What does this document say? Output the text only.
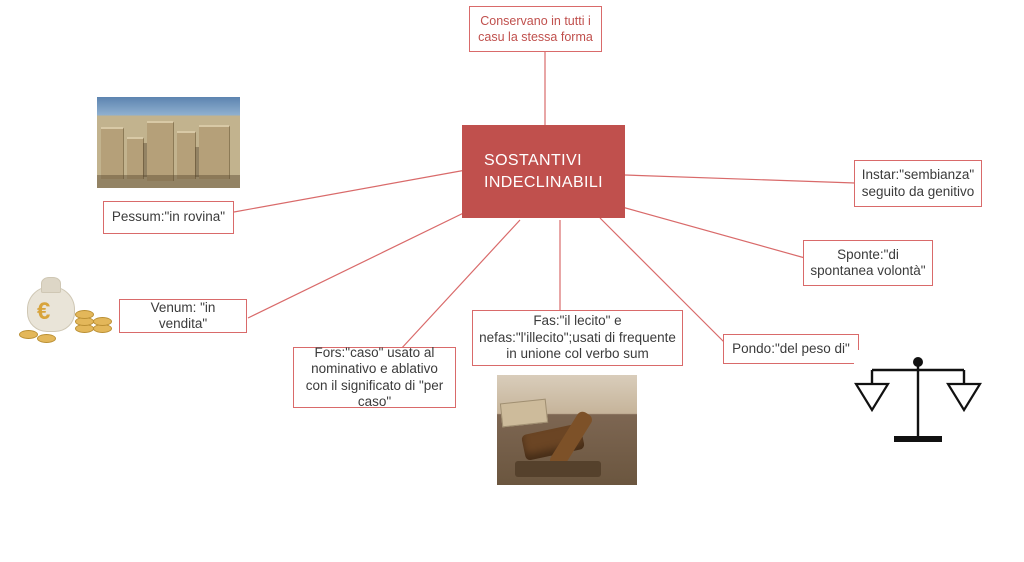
SOSTANTIVI
INDECLINABILI
Conservano in tutti i casu la stessa forma
Instar:"sembianza" seguito da genitivo
Sponte:"di spontanea volontà"
Pondo:"del peso di"
Fas:"il lecito" e nefas:"l'illecito";usati di frequente in unione col verbo sum
Fors:"caso" usato al nominativo e ablativo con il significato di "per caso"
Venum: "in vendita"
Pessum:"in rovina"
€
